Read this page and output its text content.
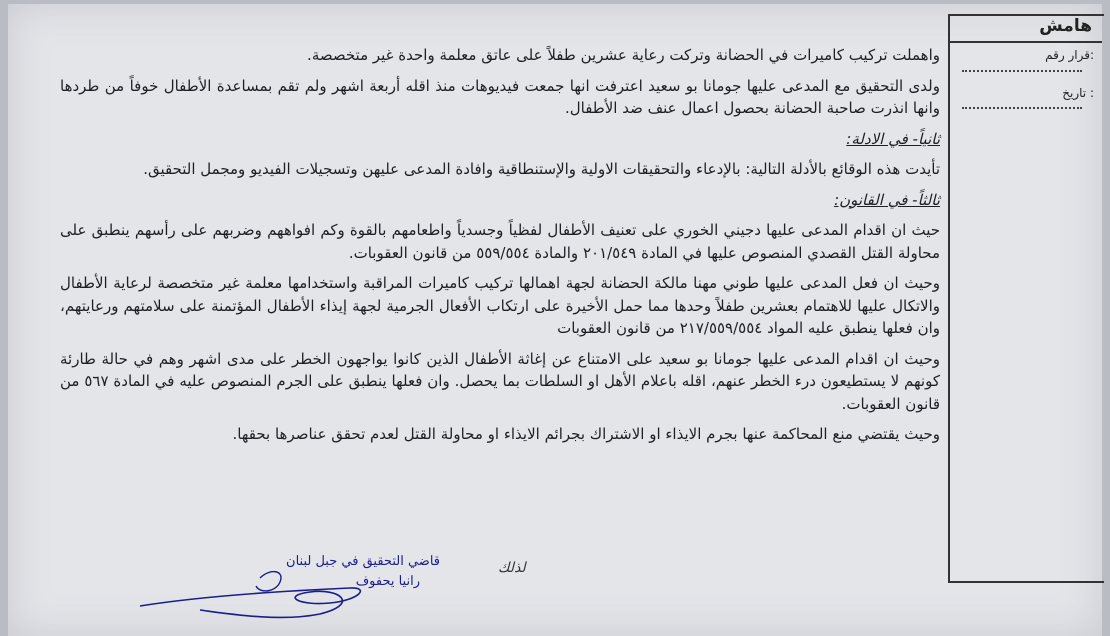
هامش
قرار رقم:
تاريخ :

واهملت تركيب كاميرات في الحضانة وتركت رعاية عشرين طفلاً على عاتق معلمة واحدة غير متخصصة.

ولدى التحقيق مع المدعى عليها جومانا بو سعيد اعترفت انها جمعت فيديوهات منذ اقله أربعة اشهر ولم تقم بمساعدة الأطفال خوفاً من طردها وانها انذرت صاحبة الحضانة بحصول اعمال عنف ضد الأطفال.

ثانياً- في الادلة:

تأيدت هذه الوقائع بالأدلة التالية: بالإدعاء والتحقيقات الاولية والإستنطاقية وافادة المدعى عليهن وتسجيلات الفيديو ومجمل التحقيق.

ثالثاً- في القانون:

حيث ان اقدام المدعى عليها دجيني الخوري على تعنيف الأطفال لفظياً وجسدياً واطعامهم بالقوة وكم افواههم وضربهم على رأسهم ينطبق على محاولة القتل القصدي المنصوص عليها في المادة ٢٠١/٥٤٩ والمادة ٥٥٩/٥٥٤ من قانون العقوبات.

وحيث ان فعل المدعى عليها طوني مهنا مالكة الحضانة لجهة اهمالها تركيب كاميرات المراقبة واستخدامها معلمة غير متخصصة لرعاية الأطفال والاتكال عليها للاهتمام بعشرين طفلاً وحدها مما حمل الأخيرة على ارتكاب الأفعال الجرمية لجهة إيذاء الأطفال المؤتمنة على سلامتهم ورعايتهم، وان فعلها ينطبق عليه المواد ٢١٧/٥٥٩/٥٥٤ من قانون العقوبات

وحيث ان اقدام المدعى عليها جومانا بو سعيد على الامتناع عن إغاثة الأطفال الذين كانوا يواجهون الخطر على مدى اشهر وهم في حالة طارئة كونهم لا يستطيعون درء الخطر عنهم، اقله باعلام الأهل او السلطات بما يحصل. وان فعلها ينطبق على الجرم المنصوص عليه في المادة ٥٦٧ من قانون العقوبات.

وحيث يقتضي منع المحاكمة عنها بجرم الايذاء او الاشتراك بجرائم الايذاء او محاولة القتل لعدم تحقق عناصرها بحقها.

لذلك
قاضي التحقيق في جبل لبنان
رانيا يحفوف
